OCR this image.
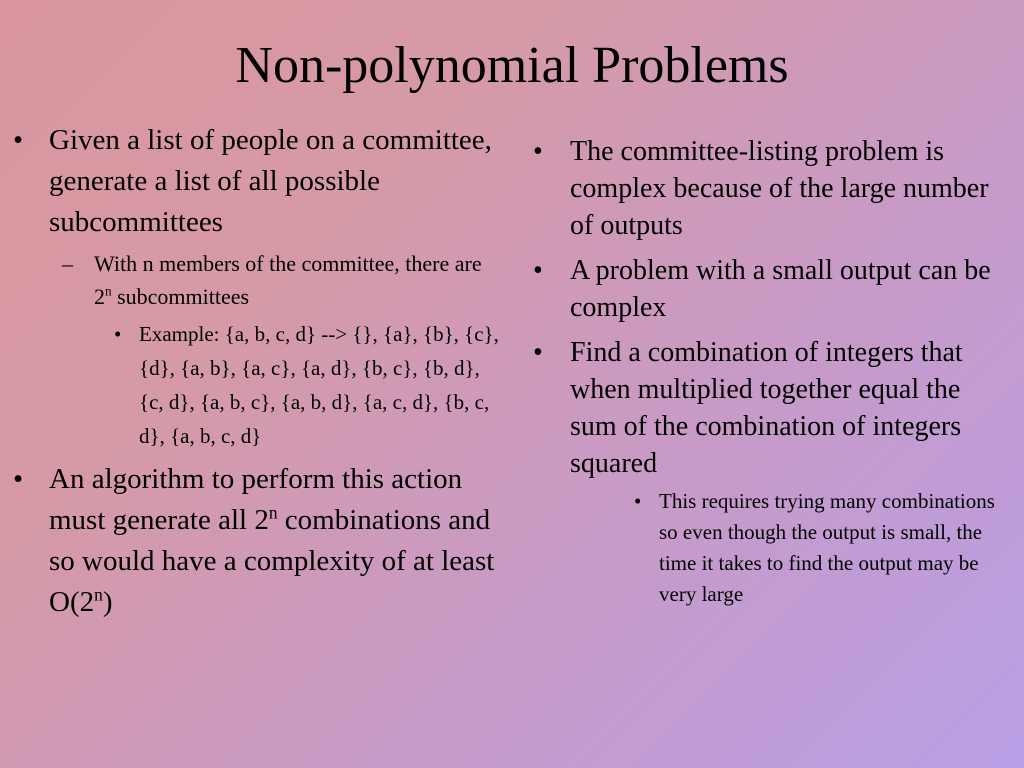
Non-polynomial Problems

• Given a list of people on a committee, generate a list of all possible subcommittees

– With n members of the committee, there are 2$^n$ subcommittees

• Example: {a, b, c, d} --> {}, {a}, {b}, {c}, {d}, {a, b}, {a, c}, {a, d}, {b, c}, {b, d}, {c, d}, {a, b, c}, {a, b, d}, {a, c, d}, {b, c, d}, {a, b, c, d}

• An algorithm to perform this action must generate all 2$^n$ combinations and so would have a complexity of at least O(2$^n$)

• The committee-listing problem is complex because of the large number of outputs

• A problem with a small output can be complex

• Find a combination of integers that when multiplied together equal the sum of the combination of integers squared

• This requires trying many combinations so even though the output is small, the time it takes to find the output may be very large
